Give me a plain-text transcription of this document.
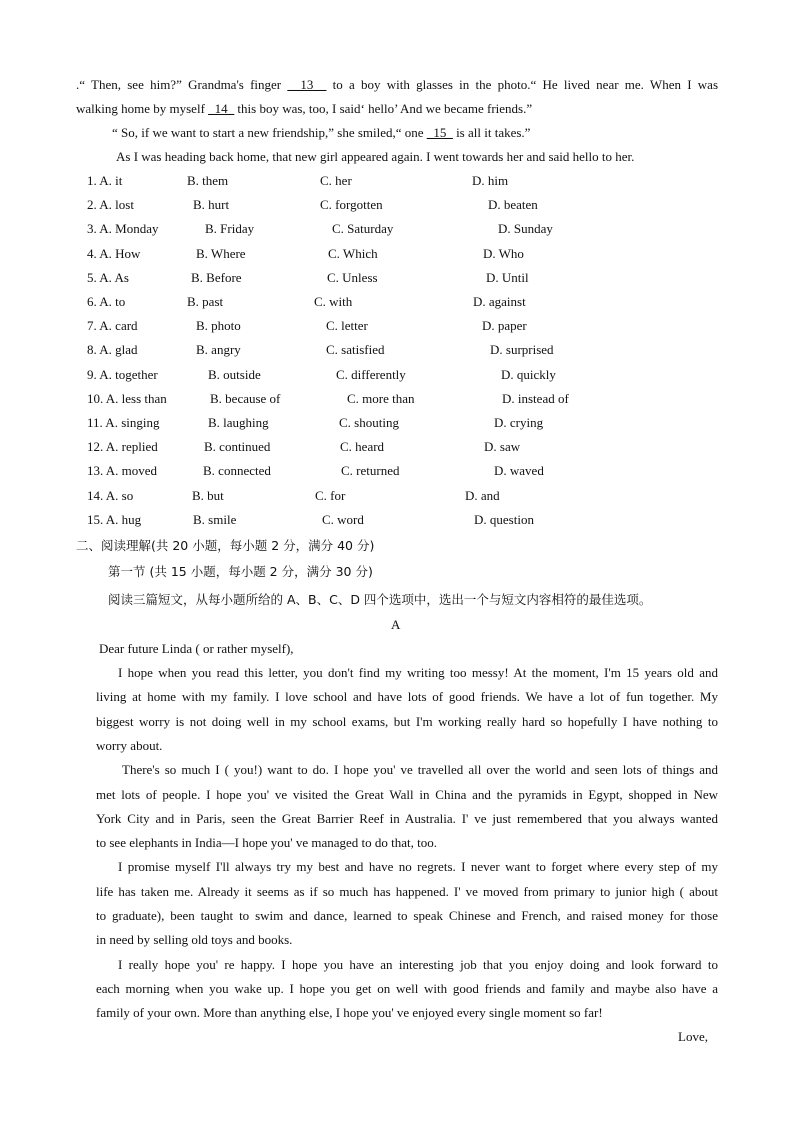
.“ Then, see him?” Grandma's finger __13__ to a boy with glasses in the photo.“ He lived near me. When I was
walking home by myself _14_ this boy was, too, I said‘ hello’ And we became friends.”
“ So, if we want to start a new friendship,” she smiled,“ one _15_ is all it takes.”
As I was heading back home, that new girl appeared again. I went towards her and said hello to her.
1. A. it	B. them	C. her	D. him
2. A. lost	B. hurt	C. forgotten	D. beaten
3. A. Monday	B. Friday	C. Saturday	D. Sunday
4. A. How	B. Where	C. Which	D. Who
5. A. As	B. Before	C. Unless	D. Until
6. A. to	B. past	C. with	D. against
7. A. card	B. photo	C. letter	D. paper
8. A. glad	B. angry	C. satisfied	D. surprised
9. A. together	B. outside	C. differently	D. quickly
10. A. less than	B. because of	C. more than	D. instead of
11. A. singing	B. laughing	C. shouting	D. crying
12. A. replied	B. continued	C. heard	D. saw
13. A. moved	B. connected	C. returned	D. waved
14. A. so	B. but	C. for	D. and
15. A. hug	B. smile	C. word	D. question
二、阅读理解(共 20 小题，每小题 2 分，满分 40 分)
第一节 (共 15 小题，每小题 2 分，满分 30 分)
阅读三篇短文，从每小题所给的 A、B、C、D 四个选项中，选出一个与短文内容相符的最佳选项。
A
Dear future Linda ( or rather myself),
I hope when you read this letter, you don't find my writing too messy! At the moment, I'm 15 years old and
living at home with my family. I love school and have lots of good friends. We have a lot of fun together. My
biggest worry is not doing well in my school exams, but I'm working really hard so hopefully I have nothing to
worry about.
There's so much I ( you!) want to do. I hope you' ve travelled all over the world and seen lots of things and
met lots of people. I hope you' ve visited the Great Wall in China and the pyramids in Egypt, shopped in New
York City and in Paris, seen the Great Barrier Reef in Australia. I' ve just remembered that you always wanted
to see elephants in India—I hope you' ve managed to do that, too.
I promise myself I'll always try my best and have no regrets. I never want to forget where every step of my
life has taken me. Already it seems as if so much has happened. I' ve moved from primary to junior high ( about
to graduate), been taught to swim and dance, learned to speak Chinese and French, and raised money for those
in need by selling old toys and books.
I really hope you' re happy. I hope you have an interesting job that you enjoy doing and look forward to
each morning when you wake up. I hope you get on well with good friends and family and maybe also have a
family of your own. More than anything else, I hope you' ve enjoyed every single moment so far!
Love,
